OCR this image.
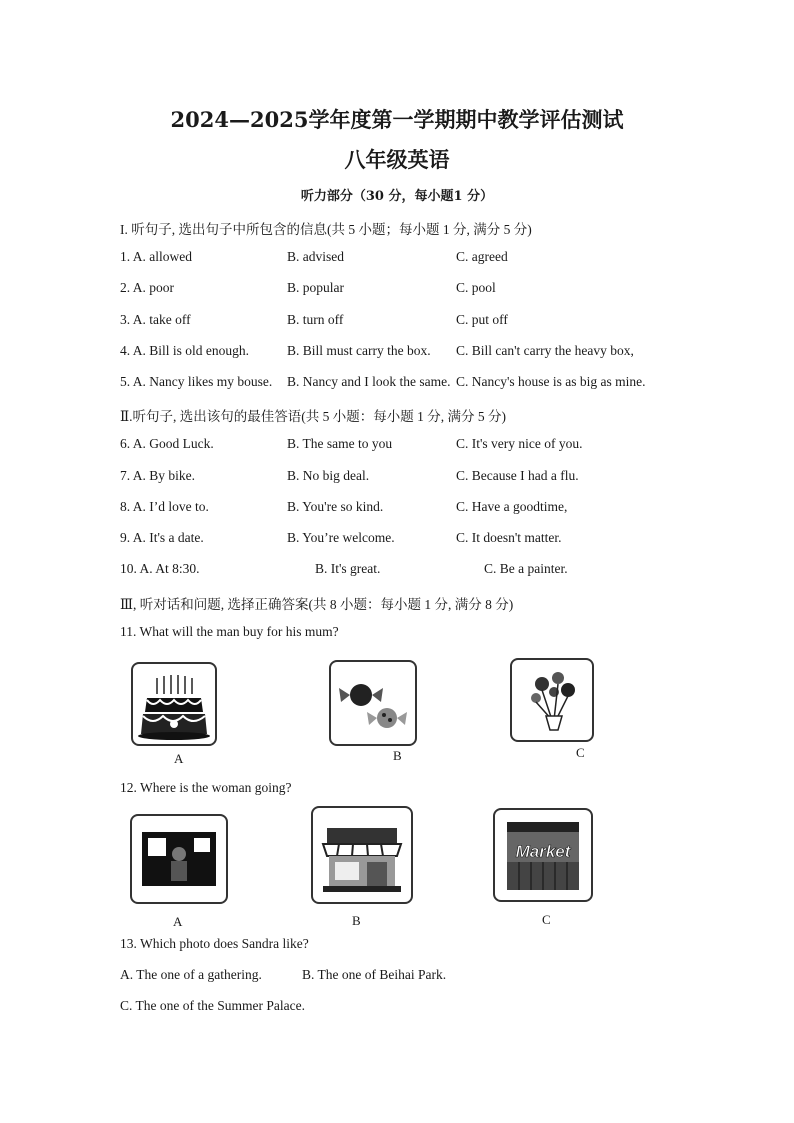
2024—2025学年度第一学期期中教学评估测试
八年级英语
听力部分（30 分，每小题1 分）
I. 听句子, 选出句子中所包含的信息(共 5 小题；每小题 1 分, 满分 5 分)
1. A. allowed	B. advised	C. agreed
2. A. poor	B. popular	C. pool
3. A. take off	B. turn off	C. put off
4. A. Bill is old enough.	B. Bill must carry the box. C. Bill can't carry the heavy box,
5. A. Nancy likes my bouse. B. Nancy and I look the same. C. Nancy's house is as big as mine.
Ⅱ.听句子, 选出该句的最佳答语(共 5 小题：每小题 1 分, 满分 5 分)
6. A. Good Luck.	B. The same to you	C. It's very nice of you.
7. A. By bike.	B. No big deal.	C. Because I had a flu.
8. A. I’d love to.	B. You're so kind.	C. Have a goodtime,
9. A. It's a date.	B. You’re welcome.	C. It doesn't matter.
10. A. At 8:30.	B. It's great.	C. Be a painter.
Ⅲ, 听对话和问题, 选择正确答案(共 8 小题：每小题 1 分, 满分 8 分)
11. What will the man buy for his mum?
A	B	C
12. Where is the woman going?
A	B
Market
C
13. Which photo does Sandra like?
A. The one of a gathering.	B. The one of Beihai Park.
C. The one of the Summer Palace.
